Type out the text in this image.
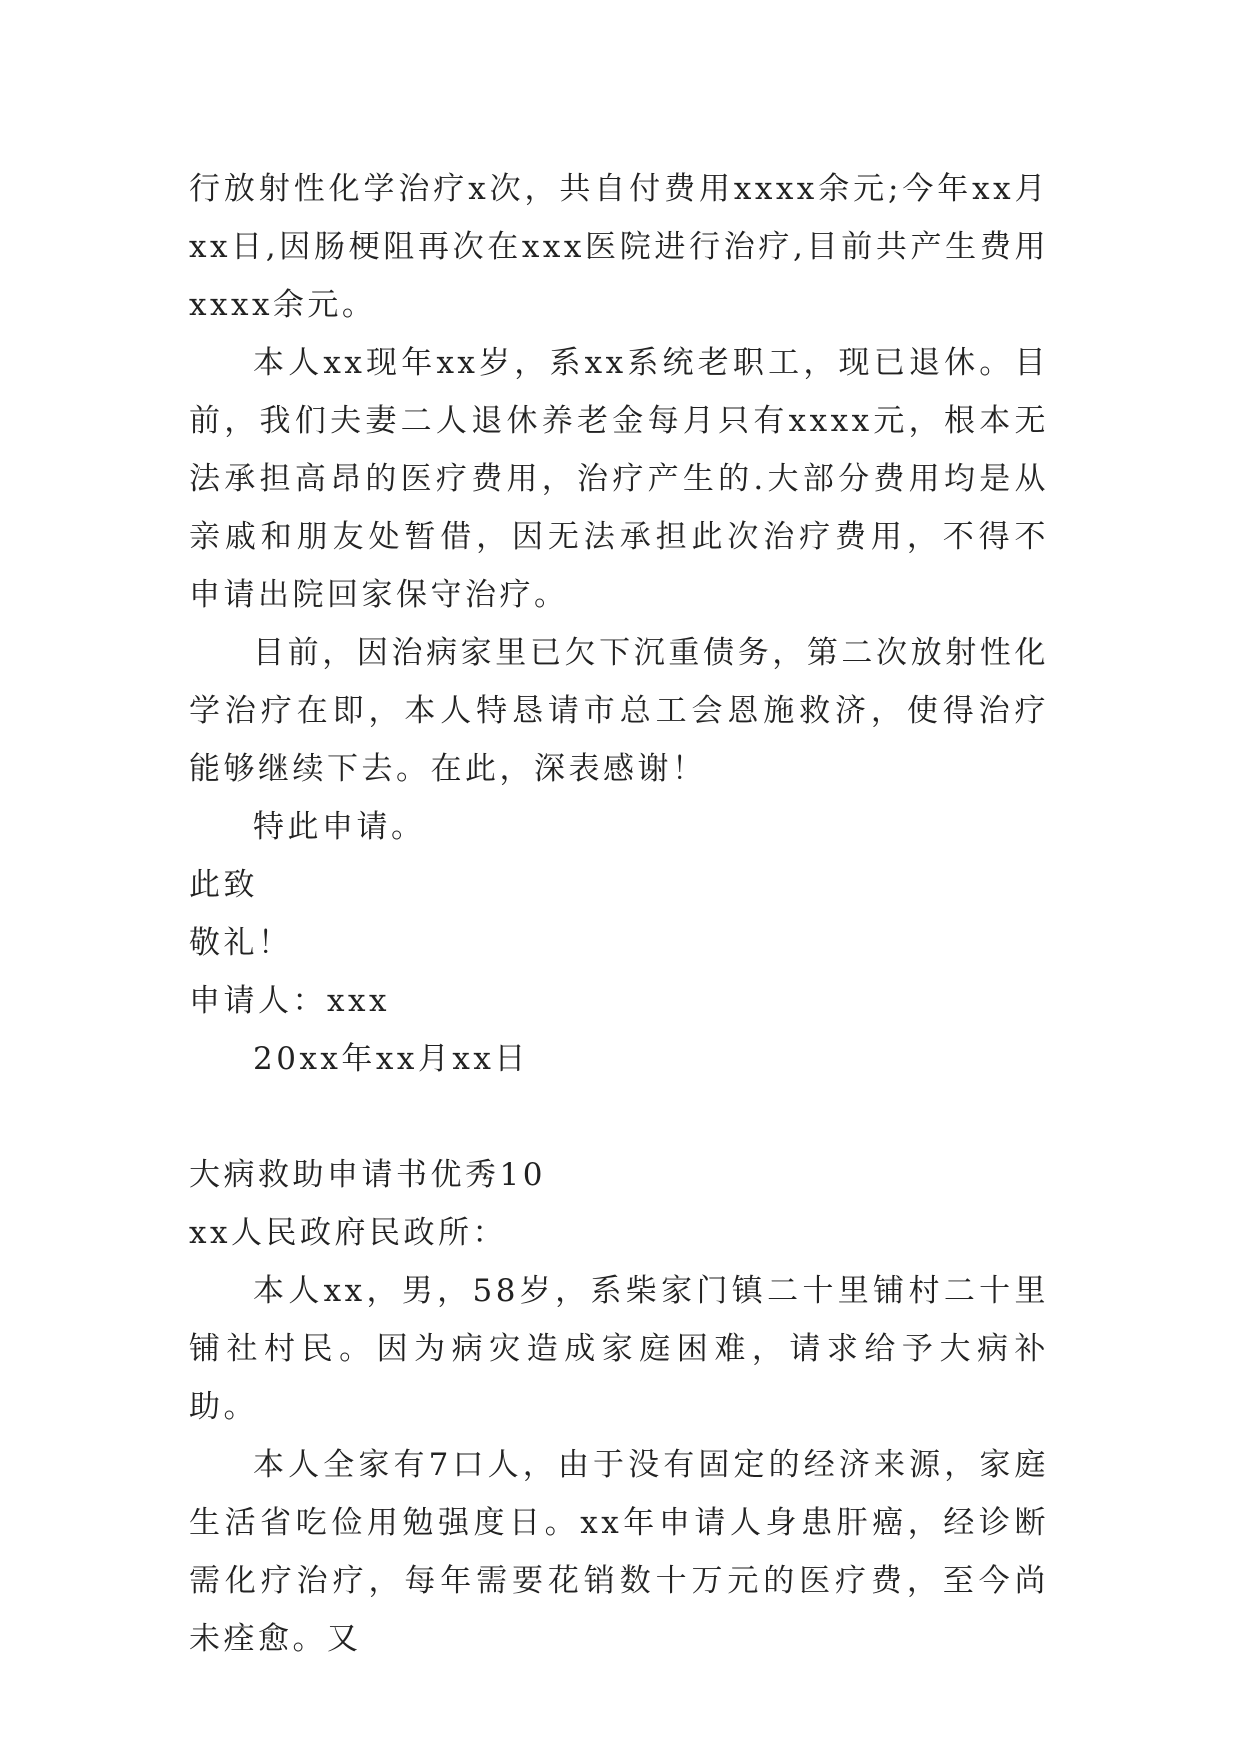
行放射性化学治疗x次，共自付费用xxxx余元;今年xx月xx日,因肠梗阻再次在xxx医院进行治疗,目前共产生费用xxxx余元。

本人xx现年xx岁，系xx系统老职工，现已退休。目前，我们夫妻二人退休养老金每月只有xxxx元，根本无法承担高昂的医疗费用，治疗产生的.大部分费用均是从亲戚和朋友处暂借，因无法承担此次治疗费用，不得不申请出院回家保守治疗。

目前，因治病家里已欠下沉重债务，第二次放射性化学治疗在即，本人特恳请市总工会恩施救济，使得治疗能够继续下去。在此，深表感谢！

特此申请。

此致

敬礼！

申请人：xxx

20xx年xx月xx日

大病救助申请书优秀10

xx人民政府民政所：

本人xx，男，58岁，系柴家门镇二十里铺村二十里铺社村民。因为病灾造成家庭困难，请求给予大病补助。

本人全家有7口人，由于没有固定的经济来源，家庭生活省吃俭用勉强度日。xx年申请人身患肝癌，经诊断需化疗治疗，每年需要花销数十万元的医疗费，至今尚未痊愈。又
